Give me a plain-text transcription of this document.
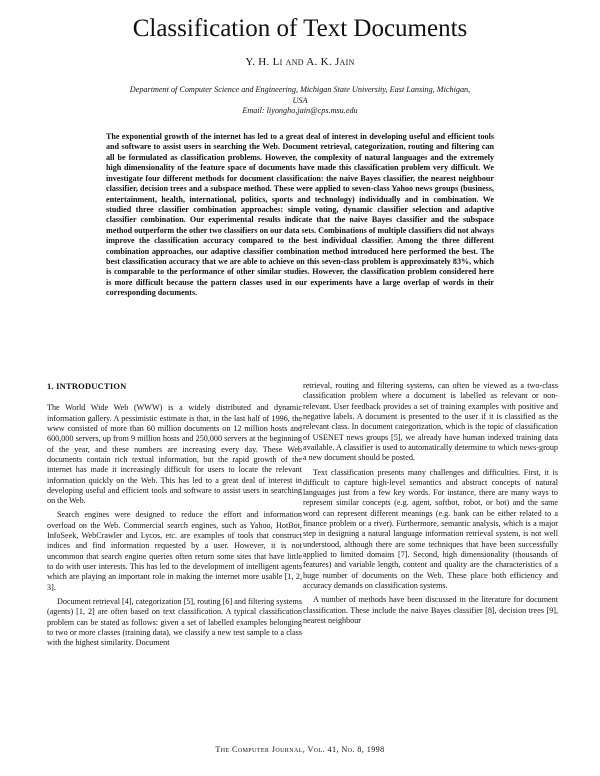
Classification of Text Documents
Y. H. Li and A. K. Jain
Department of Computer Science and Engineering, Michigan State University, East Lansing, Michigan,
USA
Email: liyongho,jain@cps.msu.edu
The exponential growth of the internet has led to a great deal of interest in developing useful and efficient tools and software to assist users in searching the Web. Document retrieval, categorization, routing and filtering can all be formulated as classification problems. However, the complexity of natural languages and the extremely high dimensionality of the feature space of documents have made this classification problem very difficult. We investigate four different methods for document classification: the naive Bayes classifier, the nearest neighbour classifier, decision trees and a subspace method. These were applied to seven-class Yahoo news groups (business, entertainment, health, international, politics, sports and technology) individually and in combination. We studied three classifier combination approaches: simple voting, dynamic classifier selection and adaptive classifier combination. Our experimental results indicate that the naive Bayes classifier and the subspace method outperform the other two classifiers on our data sets. Combinations of multiple classifiers did not always improve the classification accuracy compared to the best individual classifier. Among the three different combination approaches, our adaptive classifier combination method introduced here performed the best. The best classification accuracy that we are able to achieve on this seven-class problem is approximately 83%, which is comparable to the performance of other similar studies. However, the classification problem considered here is more difficult because the pattern classes used in our experiments have a large overlap of words in their corresponding documents.
1. INTRODUCTION

The World Wide Web (WWW) is a widely distributed and dynamic information gallery. A pessimistic estimate is that, in the last half of 1996, the www consisted of more than 60 million documents on 12 million hosts and 600,000 servers, up from 9 million hosts and 250,000 servers at the beginning of the year, and these numbers are increasing every day. These Web documents contain rich textual information, but the rapid growth of the internet has made it increasingly difficult for users to locate the relevant information quickly on the Web. This has led to a great deal of interest in developing useful and efficient tools and software to assist users in searching on the Web.

Search engines were designed to reduce the effort and information overload on the Web. Commercial search engines, such as Yahoo, HotBot, InfoSeek, WebCrawler and Lycos, etc. are examples of tools that construct indices and find information requested by a user. However, it is not uncommon that search engine queries often return some sites that have little to do with user interests. This has led to the development of intelligent agents which are playing an important role in making the internet more usable [1, 2, 3].

Document retrieval [4], categorization [5], routing [6] and filtering systems (agents) [1, 2] are often based on text classification. A typical classification problem can be stated as follows: given a set of labelled examples belonging to two or more classes (training data), we classify a new test sample to a class with the highest similarity. Document

retrieval, routing and filtering systems, can often be viewed as a two-class classification problem where a document is labelled as relevant or non-relevant. User feedback provides a set of training examples with positive and negative labels. A document is presented to the user if it is classified as the relevant class. In document categorization, which is the topic of classification of USENET news groups [5], we already have human indexed training data available. A classifier is used to automatically determine to which news-group a new document should be posted.

Text classification presents many challenges and difficulties. First, it is difficult to capture high-level semantics and abstract concepts of natural languages just from a few key words. For instance, there are many ways to represent similar concepts (e.g. agent, softbot, robot, or bot) and the same word can represent different meanings (e.g. bank can be either related to a finance problem or a river). Furthermore, semantic analysis, which is a major step in designing a natural language information retrieval system, is not well understood, although there are some techniques that have been successfully applied to limited domains [7]. Second, high dimensionality (thousands of features) and variable length, content and quality are the characteristics of a huge number of documents on the Web. These place both efficiency and accuracy demands on classification systems.

A number of methods have been discussed in the literature for document classification. These include the naive Bayes classifier [8], decision trees [9], nearest neighbour

The Computer Journal, Vol. 41, No. 8, 1998
